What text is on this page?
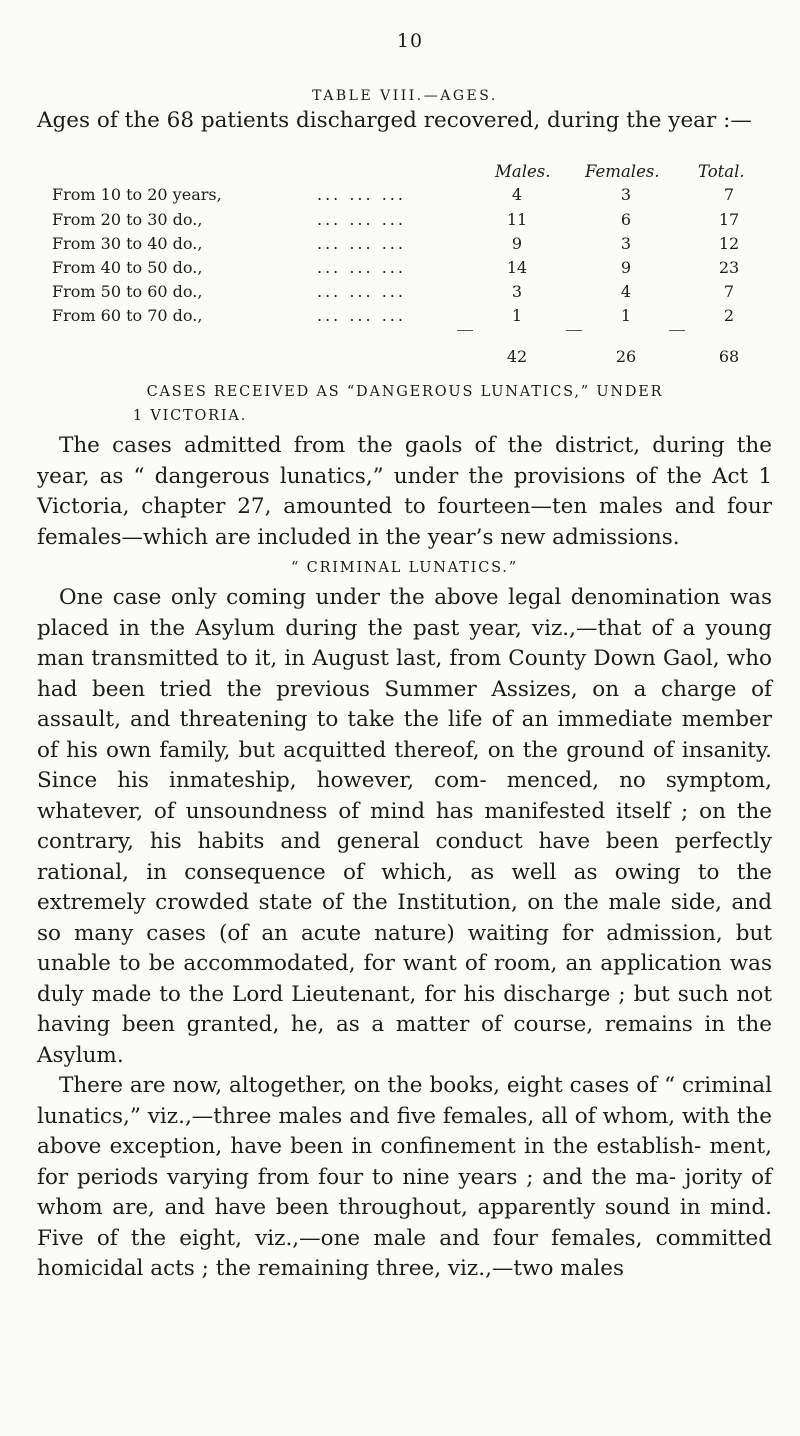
10
TABLE VIII.—AGES.
Ages of the 68 patients discharged recovered, during the year :—
Males. Females. Total.
From 10 to 20 years,	... ... ...	4	3	7
From 20 to 30 do.,	... ... ...	11	6	17
From 30 to 40 do.,	... ... ...	9	3	12
From 40 to 50 do.,	... ... ...	14	9	23
From 50 to 60 do.,	... ... ...	3	4	7
From 60 to 70 do.,	... ... ...	1	1	2
42	26	68
CASES RECEIVED AS “DANGEROUS LUNATICS,” UNDER
1 VICTORIA.

The cases admitted from the gaols of the district, during the year, as “ dangerous lunatics,” under the provisions of the Act 1 Victoria, chapter 27, amounted to fourteen—ten males and four females—which are included in the year’s new admissions.

“ CRIMINAL LUNATICS.”

One case only coming under the above legal denomination was placed in the Asylum during the past year, viz.,—that of a young man transmitted to it, in August last, from County Down Gaol, who had been tried the previous Summer Assizes, on a charge of assault, and threatening to take the life of an immediate member of his own family, but acquitted thereof, on the ground of insanity. Since his inmateship, however, com- menced, no symptom, whatever, of unsoundness of mind has manifested itself ; on the contrary, his habits and general conduct have been perfectly rational, in consequence of which, as well as owing to the extremely crowded state of the Institution, on the male side, and so many cases (of an acute nature) waiting for admission, but unable to be accommodated, for want of room, an application was duly made to the Lord Lieutenant, for his discharge ; but such not having been granted, he, as a matter of course, remains in the Asylum.

There are now, altogether, on the books, eight cases of “ criminal lunatics,” viz.,—three males and five females, all of whom, with the above exception, have been in confinement in the establish- ment, for periods varying from four to nine years ; and the ma- jority of whom are, and have been throughout, apparently sound in mind. Five of the eight, viz.,—one male and four females, committed homicidal acts ; the remaining three, viz.,—two males
